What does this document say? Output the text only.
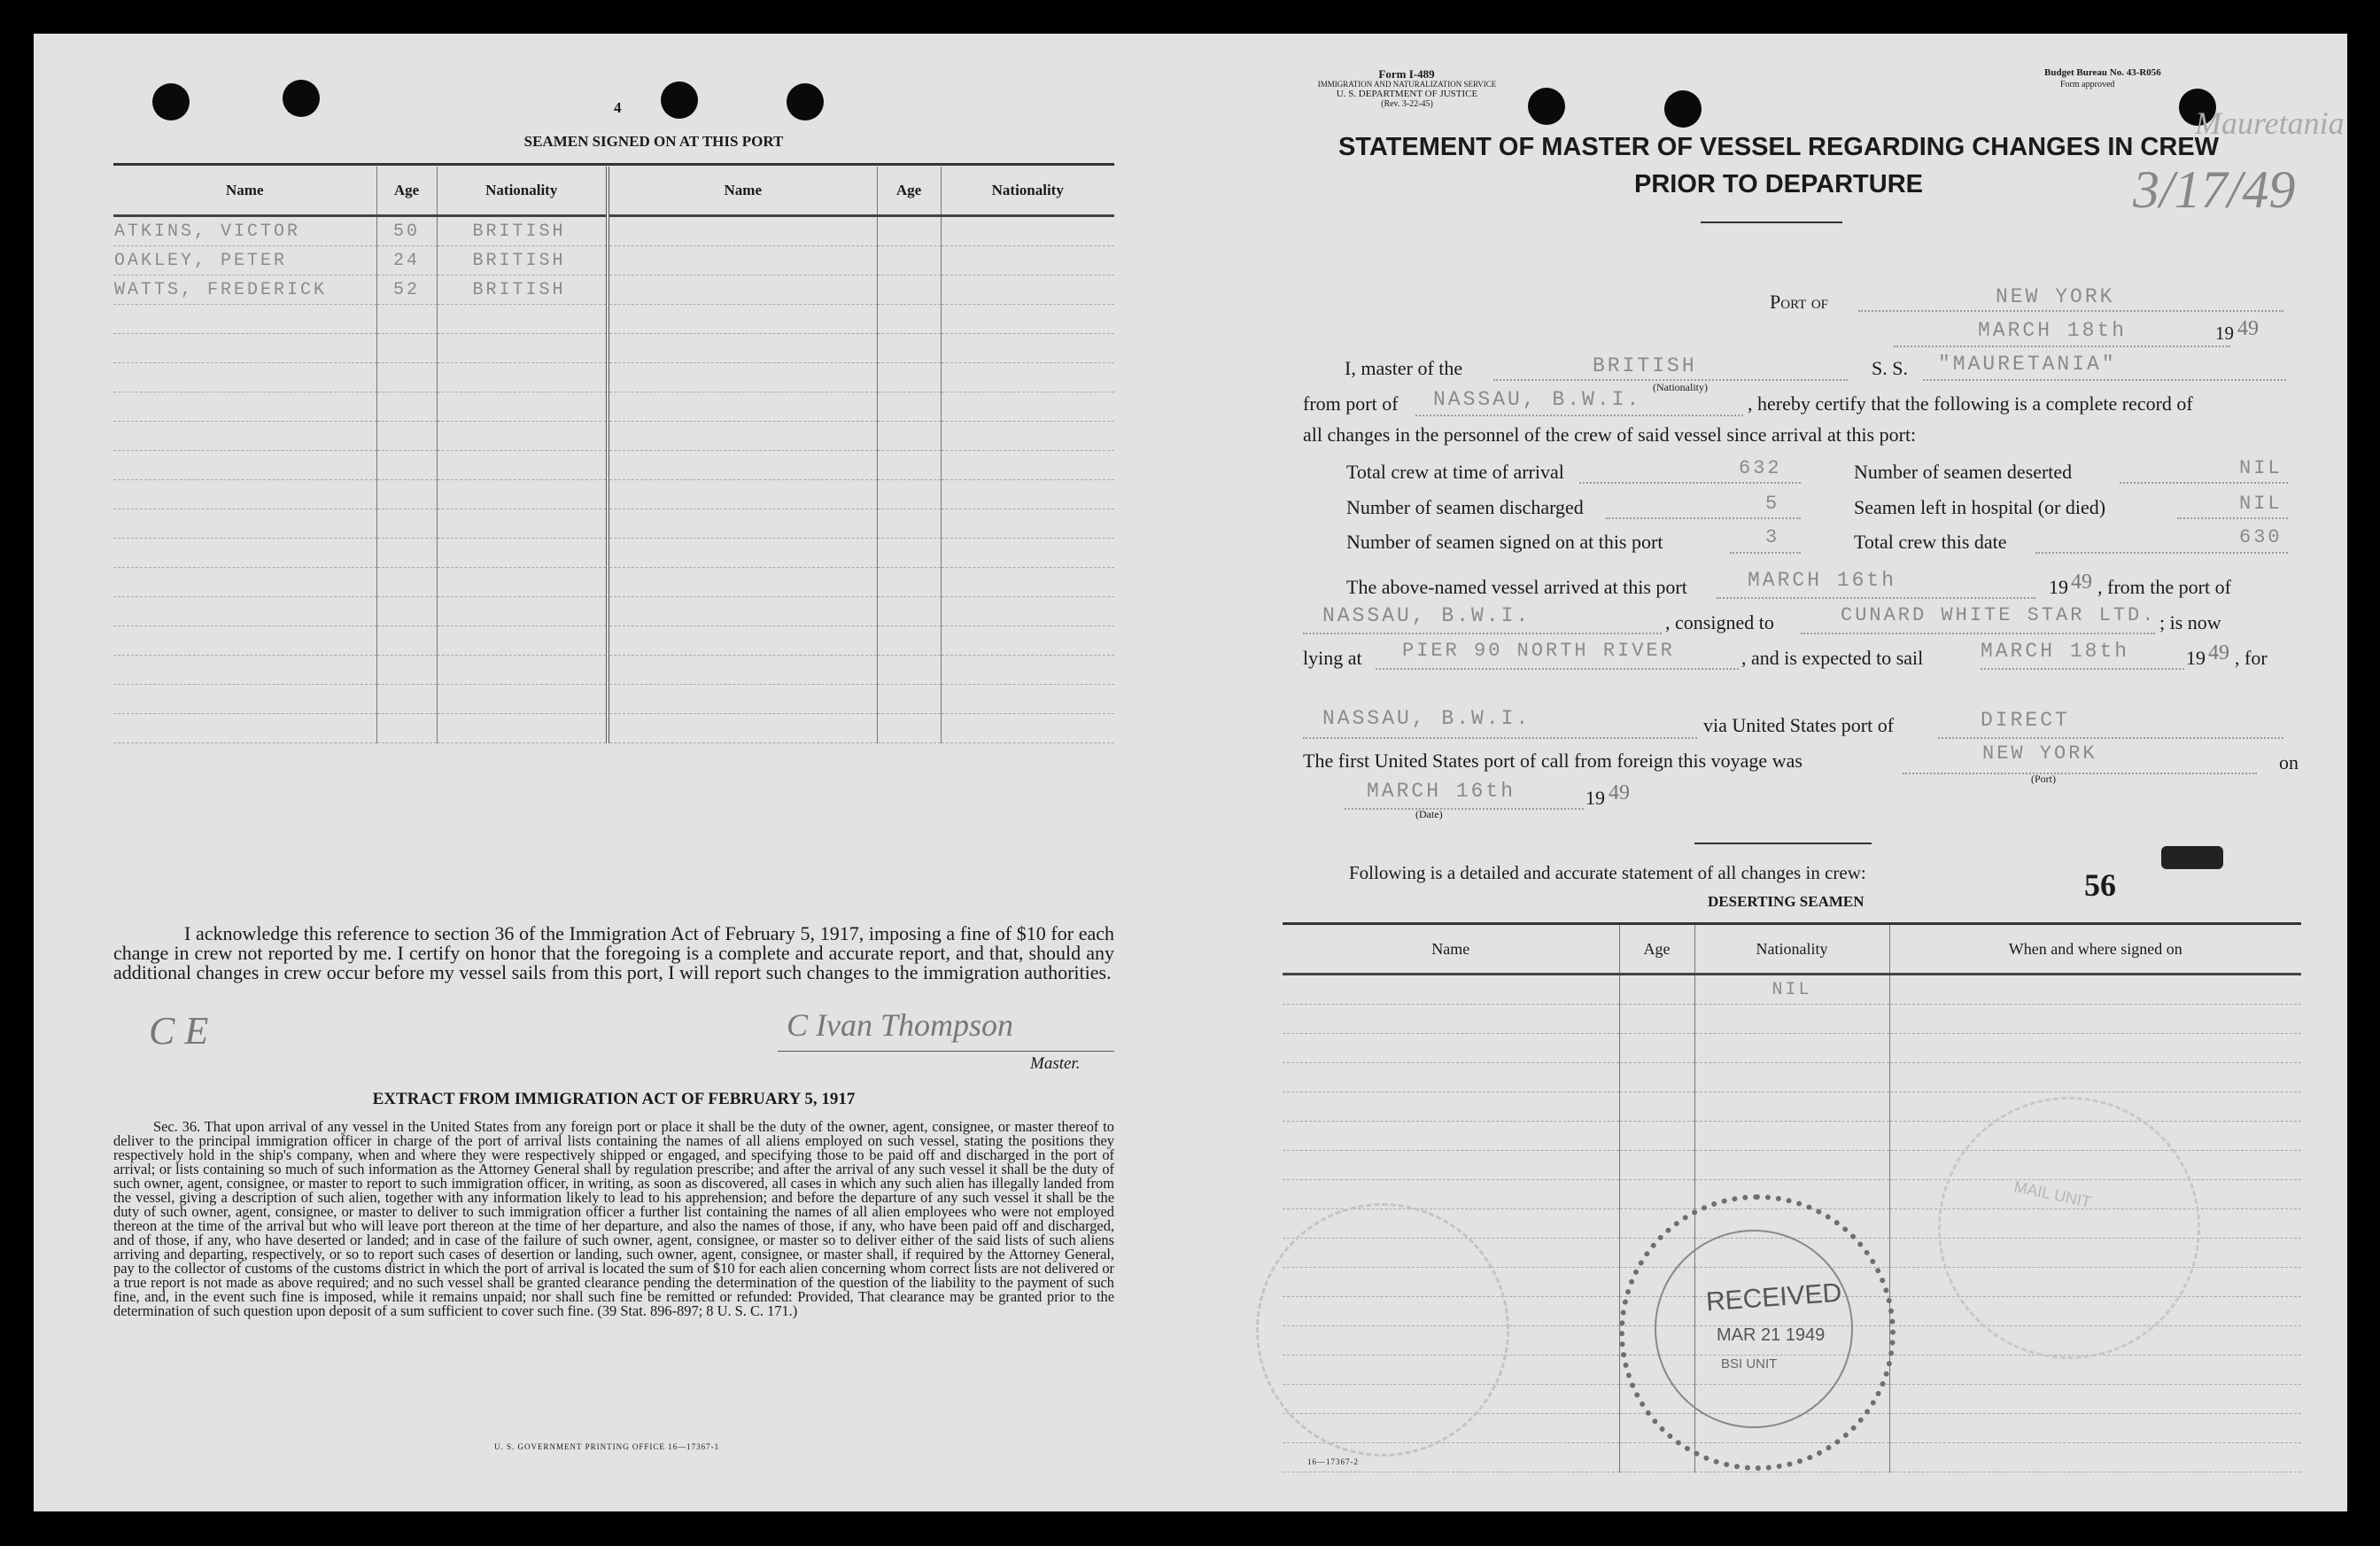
4
SEAMEN SIGNED ON AT THIS PORT
Name	Age	Nationality	Name	Age	Nationality
ATKINS, VICTOR	50	BRITISH			
OAKLEY, PETER	24	BRITISH			
WATTS, FREDERICK	52	BRITISH			

I acknowledge this reference to section 36 of the Immigration Act of February 5, 1917, imposing a fine of $10 for each change in crew not reported by me. I certify on honor that the foregoing is a complete and accurate report, and that, should any additional changes in crew occur before my vessel sails from this port, I will report such changes to the immigration authorities.
C E	C Ivan Thompson
Master.
EXTRACT FROM IMMIGRATION ACT OF FEBRUARY 5, 1917
Sec. 36. That upon arrival of any vessel in the United States from any foreign port or place it shall be the duty of the owner, agent, consignee, or master thereof to deliver to the principal immigration officer in charge of the port of arrival lists containing the names of all aliens employed on such vessel, stating the positions they respectively hold in the ship's company, when and where they were respectively shipped or engaged, and specifying those to be paid off and discharged in the port of arrival; or lists containing so much of such information as the Attorney General shall by regulation prescribe; and after the arrival of any such vessel it shall be the duty of such owner, agent, consignee, or master to report to such immigration officer, in writing, as soon as discovered, all cases in which any such alien has illegally landed from the vessel, giving a description of such alien, together with any information likely to lead to his apprehension; and before the departure of any such vessel it shall be the duty of such owner, agent, consignee, or master to deliver to such immigration officer a further list containing the names of all alien employees who were not employed thereon at the time of the arrival but who will leave port thereon at the time of her departure, and also the names of those, if any, who have been paid off and discharged, and of those, if any, who have deserted or landed; and in case of the failure of such owner, agent, consignee, or master so to deliver either of the said lists of such aliens arriving and departing, respectively, or so to report such cases of desertion or landing, such owner, agent, consignee, or master shall, if required by the Attorney General, pay to the collector of customs of the customs district in which the port of arrival is located the sum of $10 for each alien concerning whom correct lists are not delivered or a true report is not made as above required; and no such vessel shall be granted clearance pending the determination of the question of the liability to the payment of such fine, and, in the event such fine is imposed, while it remains unpaid; nor shall such fine be remitted or refunded: Provided, That clearance may be granted prior to the determination of such question upon deposit of a sum sufficient to cover such fine. (39 Stat. 896-897; 8 U. S. C. 171.)
U. S. GOVERNMENT PRINTING OFFICE 16—17367-1
Form I-489
IMMIGRATION AND NATURALIZATION SERVICE
U. S. DEPARTMENT OF JUSTICE
(Rev. 3-22-45)
Budget Bureau No. 43-R056
Form approved
Mauretania
3/17/49
STATEMENT OF MASTER OF VESSEL REGARDING CHANGES IN CREW
PRIOR TO DEPARTURE
Port of	NEW YORK
MARCH 18th	19 49
I, master of the	BRITISH
(Nationality)
S. S. "MAURETANIA"
from port of NASSAU, B.W.I.	, hereby certify that the following is a complete record of
all changes in the personnel of the crew of said vessel since arrival at this port:
Total crew at time of arrival	632
Number of seamen discharged	5
Number of seamen signed on at this port	3
Number of seamen deserted	NIL
Seamen left in hospital (or died)	NIL
Total crew this date	630
The above-named vessel arrived at this port	MARCH 16th	19 49 , from the port of
NASSAU, B.W.I.	, consigned to	CUNARD WHITE STAR LTD. ; is now
lying at PIER 90 NORTH RIVER	, and is expected to sail	MARCH 18th	19 49 , for
NASSAU, B.W.I.	via United States port of	DIRECT
The first United States port of call from foreign this voyage was	NEW YORK
(Port)
on
MARCH 16th
(Date)
19 49
Following is a detailed and accurate statement of all changes in crew:	56
DESERTING SEAMEN
Name	Age	Nationality	When and where signed on
		NIL	

RECEIVED
MAR 21 1949
BSI UNIT
MAIL UNIT
16—17367-2
